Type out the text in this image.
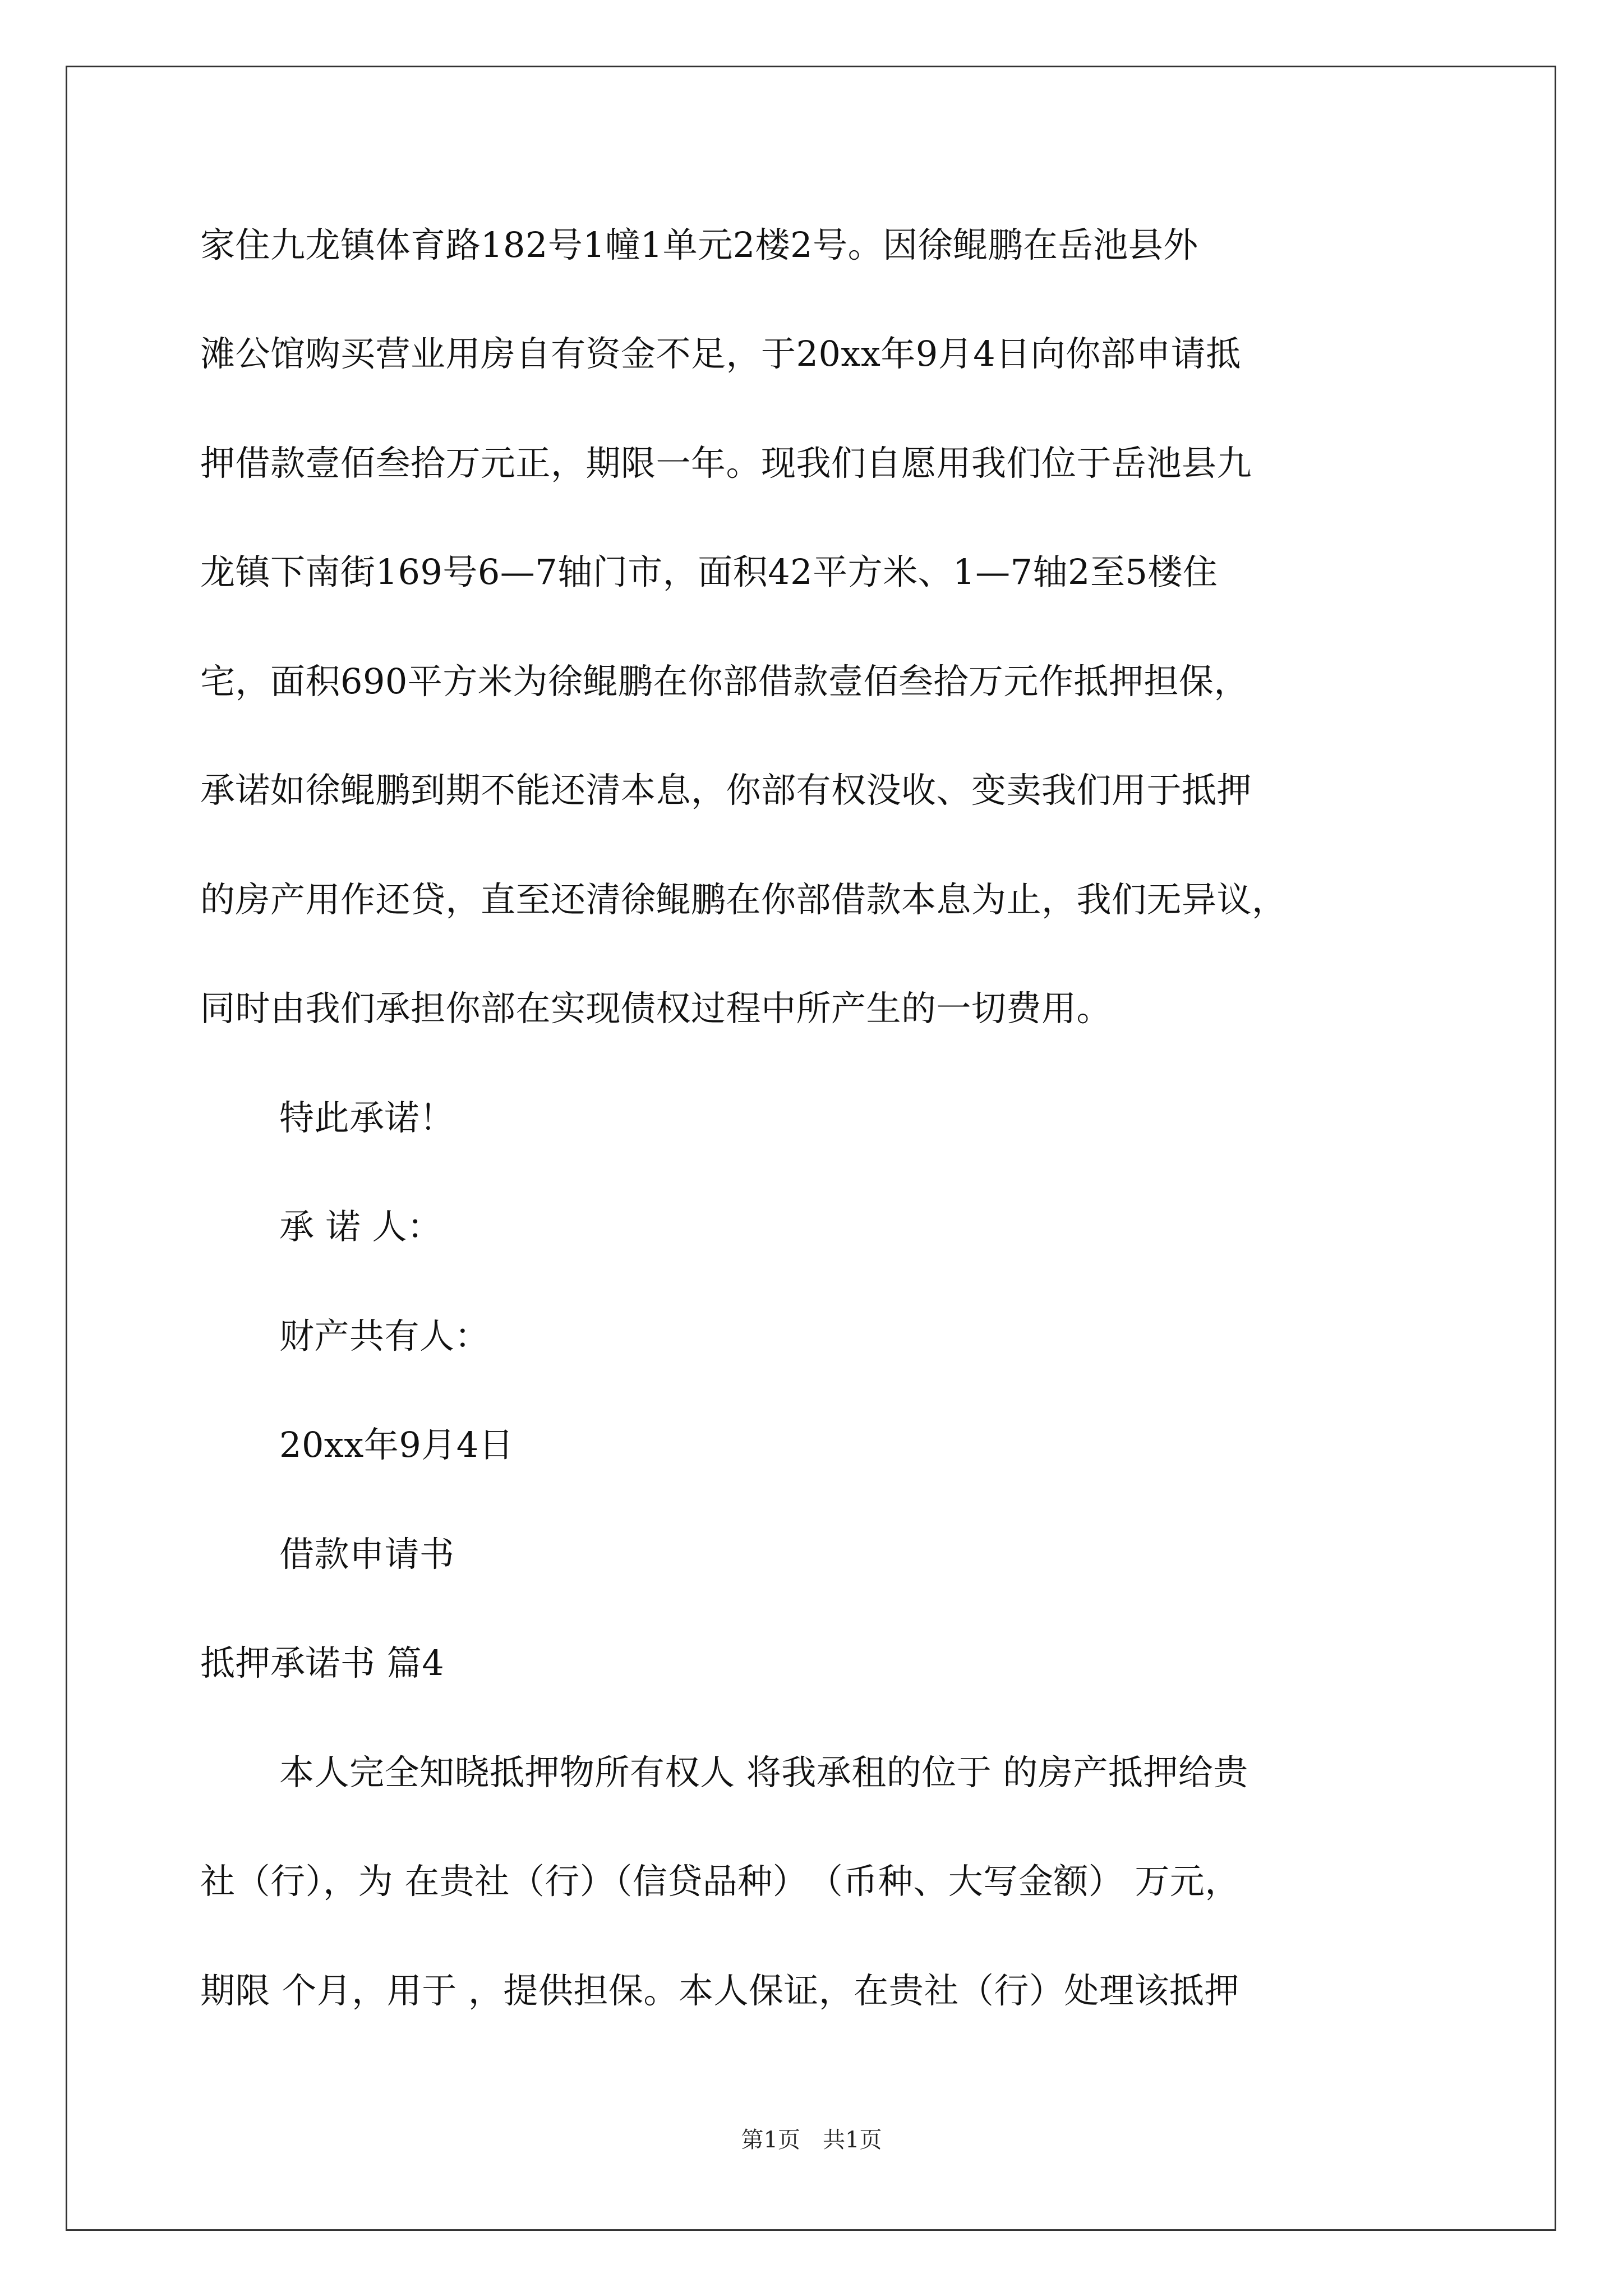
家住九龙镇体育路182号1幢1单元2楼2号。因徐鲲鹏在岳池县外
滩公馆购买营业用房自有资金不足，于20xx年9月4日向你部申请抵
押借款壹佰叁拾万元正，期限一年。现我们自愿用我们位于岳池县九
龙镇下南街169号6—7轴门市，面积42平方米、1—7轴2至5楼住
宅，面积690平方米为徐鲲鹏在你部借款壹佰叁拾万元作抵押担保，
承诺如徐鲲鹏到期不能还清本息，你部有权没收、变卖我们用于抵押
的房产用作还贷，直至还清徐鲲鹏在你部借款本息为止，我们无异议，
同时由我们承担你部在实现债权过程中所产生的一切费用。
特此承诺！
承 诺 人：
财产共有人：
20xx年9月4日
借款申请书
抵押承诺书 篇4
本人完全知晓抵押物所有权人 将我承租的位于 的房产抵押给贵
社（行），为 在贵社（行）（信贷品种）　（币种、大写金额） 万元，
期限 个月，用于 ，提供担保。本人保证，在贵社（行）处理该抵押
第1页　共1页
